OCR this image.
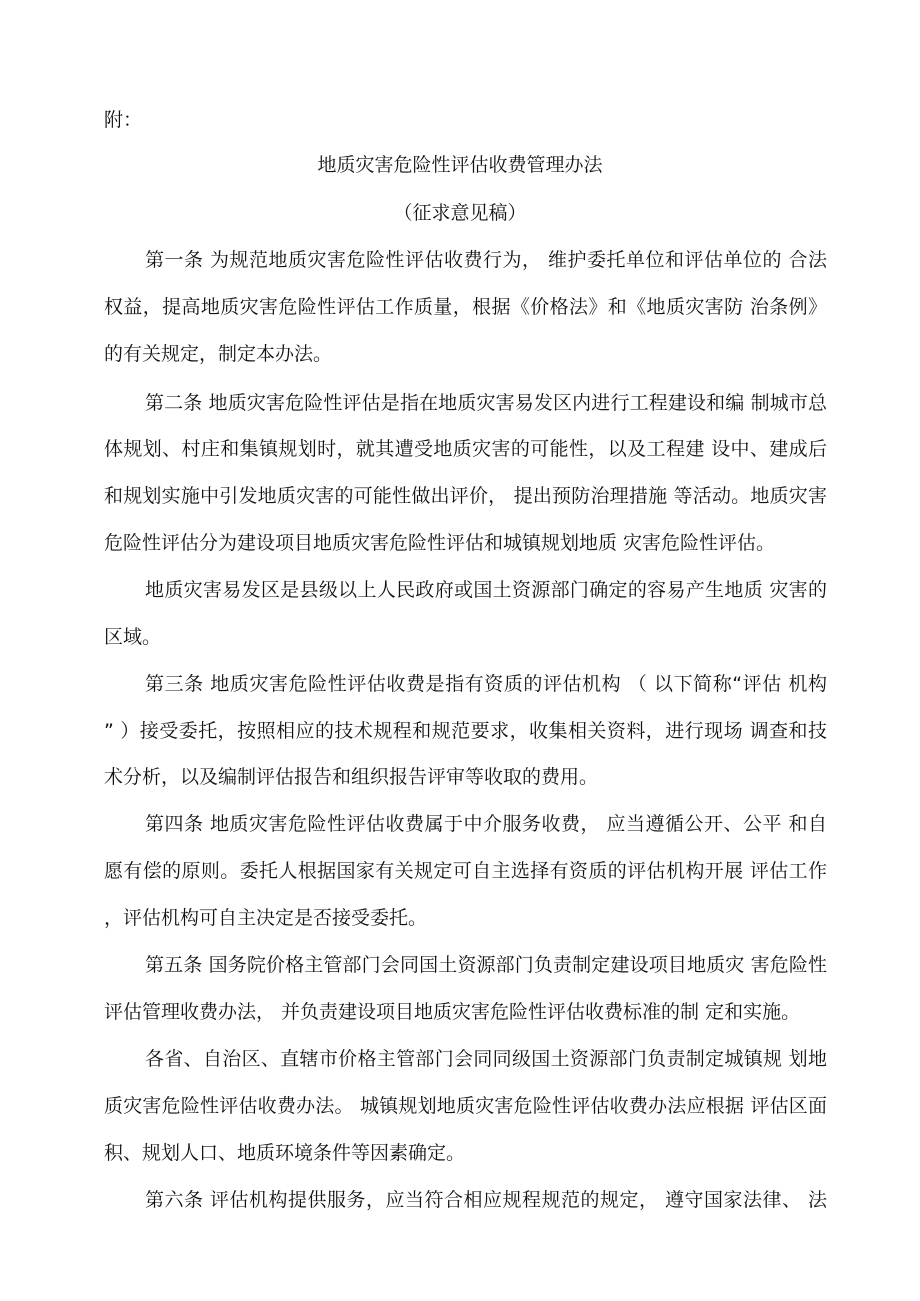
附：
地质灾害危险性评估收费管理办法
（征求意见稿）
第一条 为规范地质灾害危险性评估收费行为， 维护委托单位和评估单位的 合法
权益，提高地质灾害危险性评估工作质量，根据《价格法》和《地质灾害防 治条例》
的有关规定，制定本办法。
第二条 地质灾害危险性评估是指在地质灾害易发区内进行工程建设和编 制城市总
体规划、村庄和集镇规划时，就其遭受地质灾害的可能性，以及工程建 设中、建成后
和规划实施中引发地质灾害的可能性做出评价， 提出预防治理措施 等活动。地质灾害
危险性评估分为建设项目地质灾害危险性评估和城镇规划地质 灾害危险性评估。
地质灾害易发区是县级以上人民政府或国土资源部门确定的容易产生地质 灾害的
区域。
第三条 地质灾害危险性评估收费是指有资质的评估机构 （ 以下简称“评估 机构
” ）接受委托，按照相应的技术规程和规范要求，收集相关资料，进行现场 调查和技
术分析，以及编制评估报告和组织报告评审等收取的费用。
第四条 地质灾害危险性评估收费属于中介服务收费， 应当遵循公开、公平 和自
愿有偿的原则。委托人根据国家有关规定可自主选择有资质的评估机构开展 评估工作
，评估机构可自主决定是否接受委托。
第五条 国务院价格主管部门会同国土资源部门负责制定建设项目地质灾 害危险性
评估管理收费办法， 并负责建设项目地质灾害危险性评估收费标准的制 定和实施。
各省、自治区、直辖市价格主管部门会同同级国土资源部门负责制定城镇规 划地
质灾害危险性评估收费办法。 城镇规划地质灾害危险性评估收费办法应根据 评估区面
积、规划人口、地质环境条件等因素确定。
第六条 评估机构提供服务，应当符合相应规程规范的规定， 遵守国家法律、 法
